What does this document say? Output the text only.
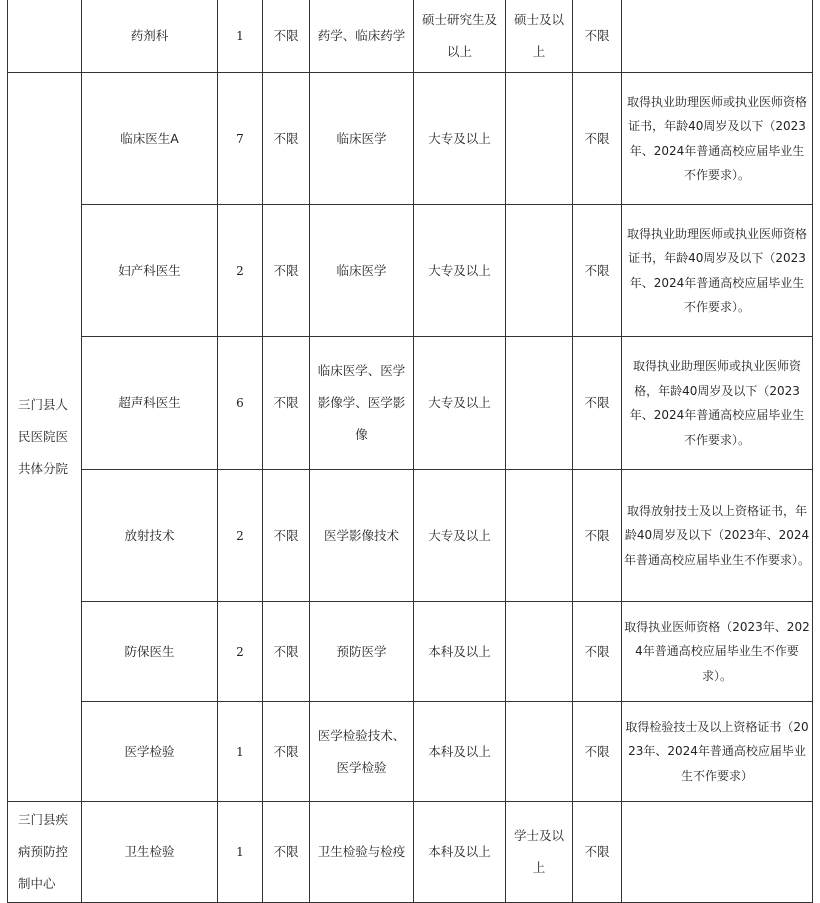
	药剂科	1	不限	药学、临床药学	硕士研究生及以上	硕士及以上	不限	
三门县人民医院医共体分院	临床医生A	7	不限	临床医学	大专及以上		不限	取得执业助理医师或执业医师资格证书，年龄40周岁及以下（2023年、2024年普通高校应届毕业生不作要求）。
	妇产科医生	2	不限	临床医学	大专及以上		不限	取得执业助理医师或执业医师资格证书，年龄40周岁及以下（2023年、2024年普通高校应届毕业生不作要求）。
	超声科医生	6	不限	临床医学、医学影像学、医学影像	大专及以上		不限	取得执业助理医师或执业医师资格，年龄40周岁及以下（2023年、2024年普通高校应届毕业生不作要求）。
	放射技术	2	不限	医学影像技术	大专及以上		不限	取得放射技士及以上资格证书，年龄40周岁及以下（2023年、2024年普通高校应届毕业生不作要求）。
	防保医生	2	不限	预防医学	本科及以上		不限	取得执业医师资格（2023年、2024年普通高校应届毕业生不作要求）。
	医学检验	1	不限	医学检验技术、医学检验	本科及以上		不限	取得检验技士及以上资格证书（2023年、2024年普通高校应届毕业生不作要求）
三门县疾病预防控制中心	卫生检验	1	不限	卫生检验与检疫	本科及以上	学士及以上	不限	
